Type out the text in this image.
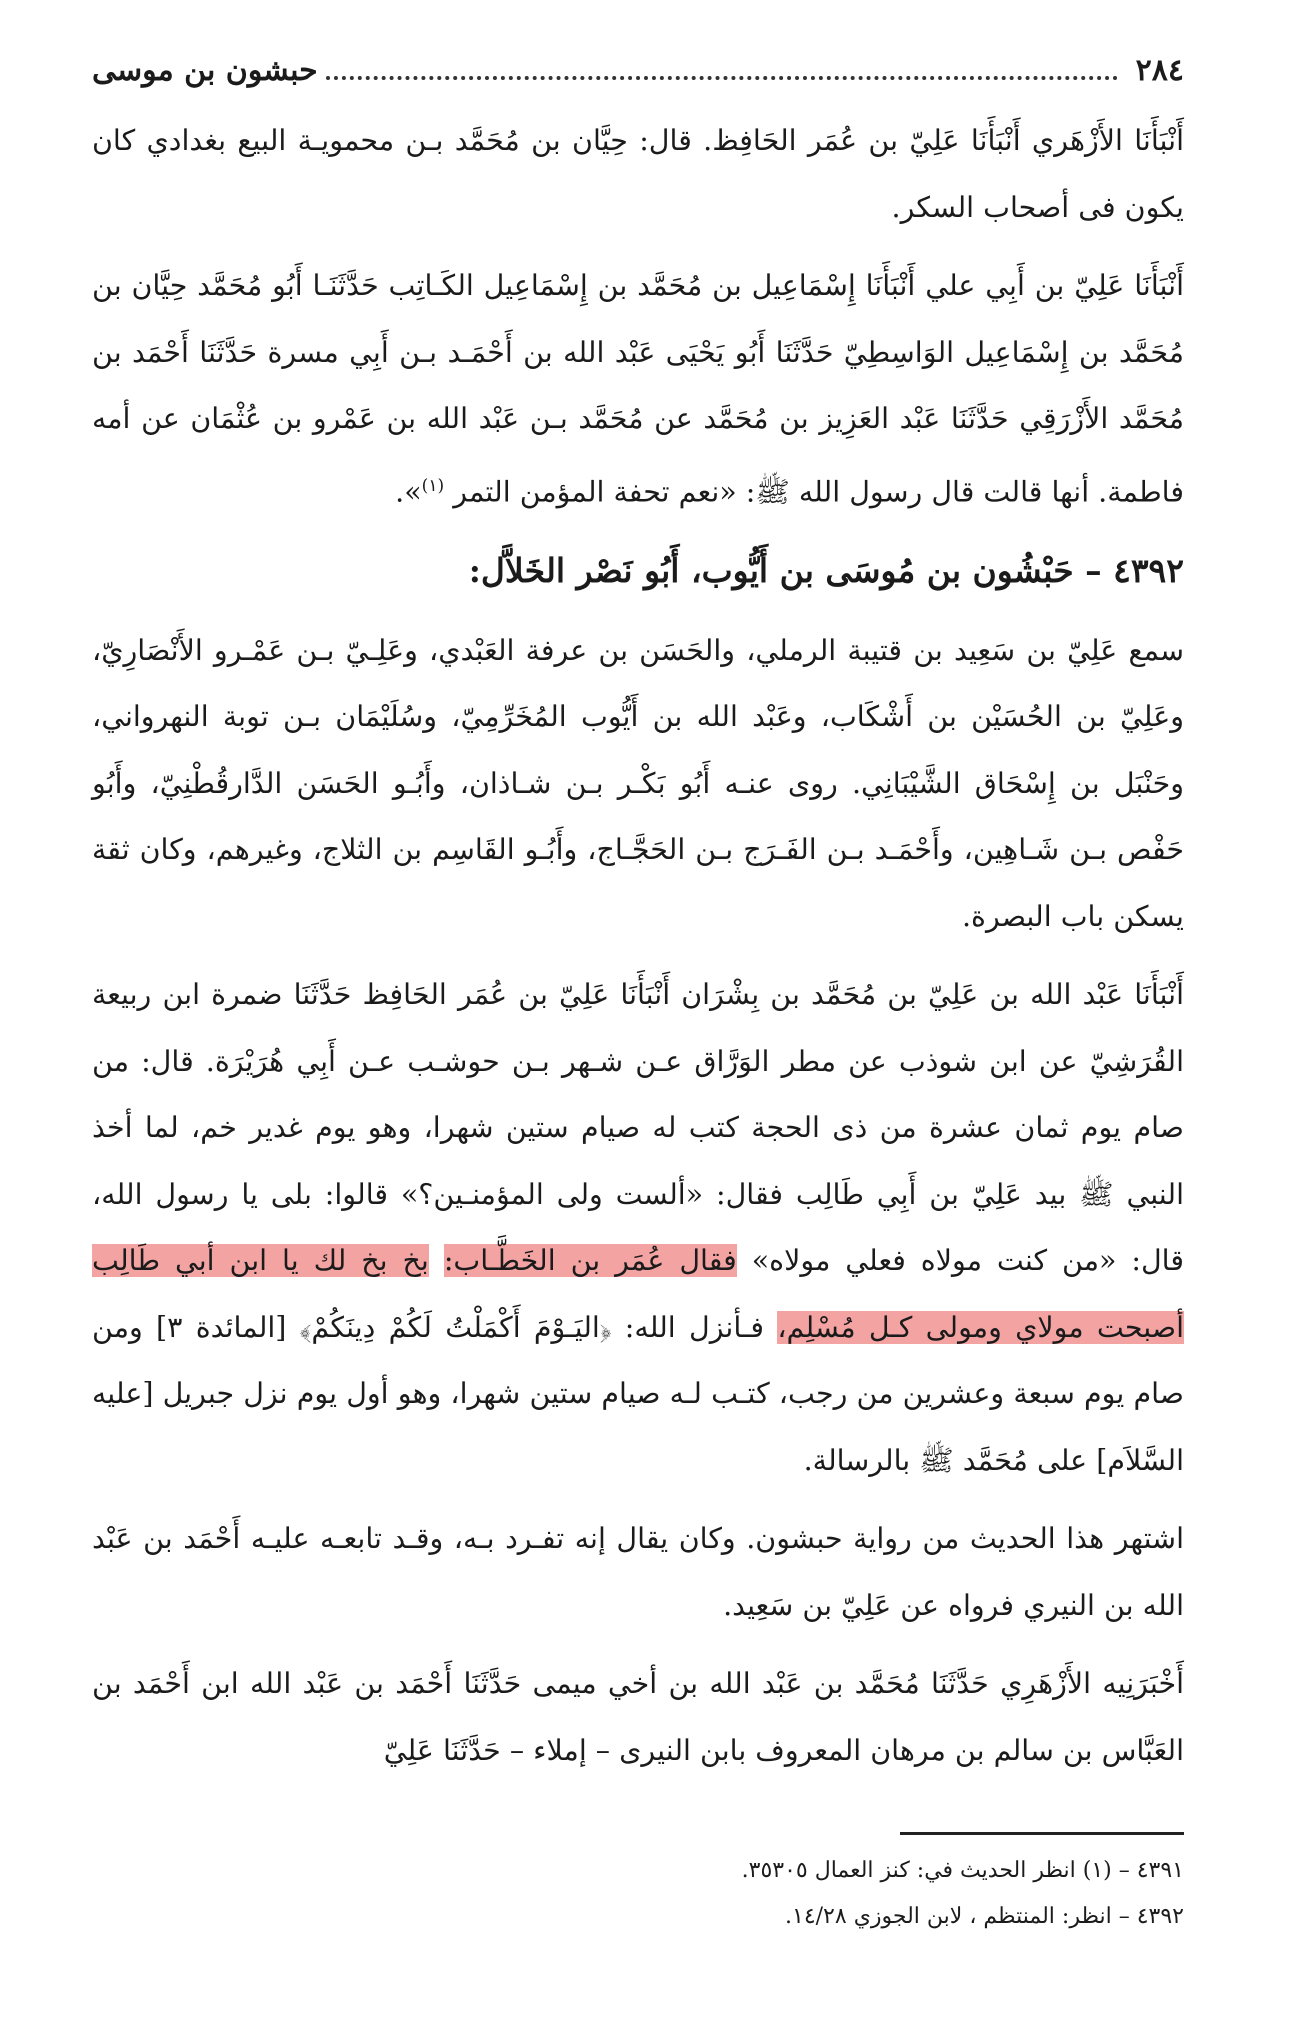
٢٨٤
حبشون بن موسى

أَنْبَأَنَا الأَزْهَري أَنْبَأَنَا عَلِيّ بن عُمَر الحَافِظ. قال: حِيَّان بن مُحَمَّد بـن محمويـة البيع بغدادي كان يكون فى أصحاب السكر.

أَنْبَأَنَا عَلِيّ بن أَبِي علي أَنْبَأَنَا إِسْمَاعِيل بن مُحَمَّد بن إِسْمَاعِيل الكَـاتِب حَدَّثَنَـا أَبُو مُحَمَّد حِيَّان بن مُحَمَّد بن إِسْمَاعِيل الوَاسِطِيّ حَدَّثَنَا أَبُو يَحْيَى عَبْد الله بن أَحْمَـد بـن أَبِي مسرة حَدَّثَنَا أَحْمَد بن مُحَمَّد الأَزْرَقِي حَدَّثَنَا عَبْد العَزِيز بن مُحَمَّد عن مُحَمَّد بـن عَبْد الله بن عَمْرو بن عُثْمَان عن أمه فاطمة. أنها قالت قال رسول الله ﷺ: «نعم تحفة المؤمن التمر $^{(١)}$».

٤٣٩٢ – حَبْشُون بن مُوسَى بن أَيُّوب، أَبُو نَصْر الخَلاَّل:

سمع عَلِيّ بن سَعِيد بن قتيبة الرملي، والحَسَن بن عرفة العَبْدي، وعَلِـيّ بـن عَمْـرو الأَنْصَارِيّ، وعَلِيّ بن الحُسَيْن بن أَشْكَاب، وعَبْد الله بن أَيُّوب المُخَرِّمِيّ، وسُلَيْمَان بـن توبة النهرواني، وحَنْبَل بن إِسْحَاق الشَّيْبَانِي. روى عنـه أَبُو بَكْـر بـن شـاذان، وأَبُـو الحَسَن الدَّارقُطْنِيّ، وأَبُو حَفْص بـن شَـاهِين، وأَحْمَـد بـن الفَـرَج بـن الحَجَّـاج، وأَبُـو القَاسِم بن الثلاج، وغيرهم، وكان ثقة يسكن باب البصرة.

أَنْبَأَنَا عَبْد الله بن عَلِيّ بن مُحَمَّد بن بِشْرَان أَنْبَأَنَا عَلِيّ بن عُمَر الحَافِظ حَدَّثَنَا ضمرة ابن ربيعة القُرَشِيّ عن ابن شوذب عن مطر الوَرَّاق عـن شـهر بـن حوشـب عـن أَبِي هُرَيْرَة. قال: من صام يوم ثمان عشرة من ذى الحجة كتب له صيام ستين شهرا، وهو يوم غدير خم، لما أخذ النبي ﷺ بيد عَلِيّ بن أَبِي طَالِب فقال: «ألست ولى المؤمنـين؟» قالوا: بلى يا رسول الله، قال: «من كنت مولاه فعلي مولاه» فقال عُمَر بن الخَطَّـاب: بخ بخ لك يا ابن أبي طَالِب أصبحت مولاي ومولى كـل مُسْلِم، فـأنزل الله: ﴿اليَـوْمَ أَكْمَلْتُ لَكُمْ دِينَكُمْ﴾ [المائدة ٣] ومن صام يوم سبعة وعشرين من رجب، كتـب لـه صيام ستين شهرا، وهو أول يوم نزل جبريل [عليه السَّلاَم] على مُحَمَّد ﷺ بالرسالة.

اشتهر هذا الحديث من رواية حبشون. وكان يقال إنه تفـرد بـه، وقـد تابعـه عليـه أَحْمَد بن عَبْد الله بن النيري فرواه عن عَلِيّ بن سَعِيد.

أَخْبَرَنِيه الأَزْهَرِي حَدَّثَنَا مُحَمَّد بن عَبْد الله بن أخي ميمى حَدَّثَنَا أَحْمَد بن عَبْد الله ابن أَحْمَد بن العَبَّاس بن سالم بن مرهان المعروف بابن النيرى – إملاء – حَدَّثَنَا عَلِيّ

٤٣٩١ – (١) انظر الحديث في: كنز العمال ٣٥٣٠٥.
٤٣٩٢ – انظر: المنتظم ، لابن الجوزي ١٤/٢٨.
